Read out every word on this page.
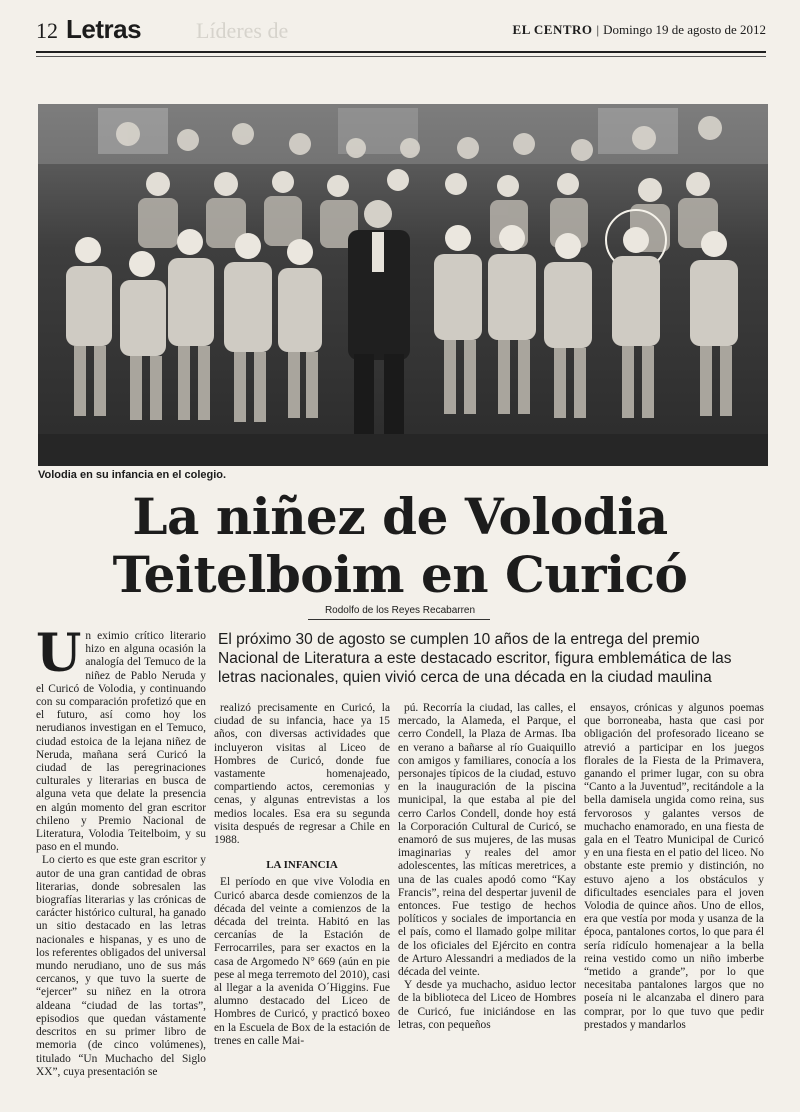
12 Letras Líderes de	EL CENTRO | Domingo 19 de agosto de 2012
Volodia en su infancia en el colegio.
La niñez de Volodia
Teitelboim en Curicó
Rodolfo de los Reyes Recabarren
El próximo 30 de agosto se cumplen 10 años de la entrega del premio Nacional de Literatura a este destacado escritor, figura emblemática de las letras nacionales, quien vivió cerca de una década en la ciudad maulina
U n eximio crítico literario hizo en alguna ocasión la analogía del Temuco de la niñez de Pablo Neruda y el Curicó de Volodia, y continuando con su comparación profetizó que en el futuro, así como hoy los nerudianos investigan en el Temuco, ciudad estoica de la lejana niñez de Neruda, mañana será Curicó la ciudad de las peregrinaciones culturales y literarias en busca de alguna veta que delate la presencia en algún momento del gran escritor chileno y Premio Nacional de Literatura, Volodia Teitelboim, y su paso en el mundo.

Lo cierto es que este gran escritor y autor de una gran cantidad de obras literarias, donde sobresalen las biografías literarias y las crónicas de carácter histórico cultural, ha ganado un sitio destacado en las letras nacionales e hispanas, y es uno de los referentes obligados del universal mundo nerudiano, uno de sus más cercanos, y que tuvo la suerte de “ejercer” su niñez en la otrora aldeana “ciudad de las tortas”, episodios que quedan vástamente descritos en su primer libro de memoria (de cinco volúmenes), titulado “Un Muchacho del Siglo XX”, cuya presentación se

realizó precisamente en Curicó, la ciudad de su infancia, hace ya 15 años, con diversas actividades que incluyeron visitas al Liceo de Hombres de Curicó, donde fue vastamente homenajeado, compartiendo actos, ceremonias y cenas, y algunas entrevistas a los medios locales. Esa era su segunda visita después de regresar a Chile en 1988.

LA INFANCIA

El período en que vive Volodia en Curicó abarca desde comienzos de la década del veinte a comienzos de la década del treinta. Habitó en las cercanías de la Estación de Ferrocarriles, para ser exactos en la casa de Argomedo N° 669 (aún en pie pese al mega terremoto del 2010), casi al llegar a la avenida O´Higgins. Fue alumno destacado del Liceo de Hombres de Curicó, y practicó boxeo en la Escuela de Box de la estación de trenes en calle Mai-

pú. Recorría la ciudad, las calles, el mercado, la Alameda, el Parque, el cerro Condell, la Plaza de Armas. Iba en verano a bañarse al río Guaiquillo con amigos y familiares, conocía a los personajes típicos de la ciudad, estuvo en la inauguración de la piscina municipal, la que estaba al pie del cerro Carlos Condell, donde hoy está la Corporación Cultural de Curicó, se enamoró de sus mujeres, de las musas imaginarias y reales del amor adolescentes, las míticas meretrices, a una de las cuales apodó como “Kay Francis”, reina del despertar juvenil de entonces. Fue testigo de hechos políticos y sociales de importancia en el país, como el llamado golpe militar de los oficiales del Ejército en contra de Arturo Alessandri a mediados de la década del veinte.

Y desde ya muchacho, asiduo lector de la biblioteca del Liceo de Hombres de Curicó, fue iniciándose en las letras, con pequeños

ensayos, crónicas y algunos poemas que borroneaba, hasta que casi por obligación del profesorado liceano se atrevió a participar en los juegos florales de la Fiesta de la Primavera, ganando el primer lugar, con su obra “Canto a la Juventud”, recitándole a la bella damisela ungida como reina, sus fervorosos y galantes versos de muchacho enamorado, en una fiesta de gala en el Teatro Municipal de Curicó y en una fiesta en el patio del liceo. No obstante este premio y distinción, no estuvo ajeno a los obstáculos y dificultades esenciales para el joven Volodia de quince años. Uno de ellos, era que vestía por moda y usanza de la época, pantalones cortos, lo que para él sería ridículo homenajear a la bella reina vestido como un niño imberbe “metido a grande”, por lo que necesitaba pantalones largos que no poseía ni le alcanzaba el dinero para comprar, por lo que tuvo que pedir prestados y mandarlos
